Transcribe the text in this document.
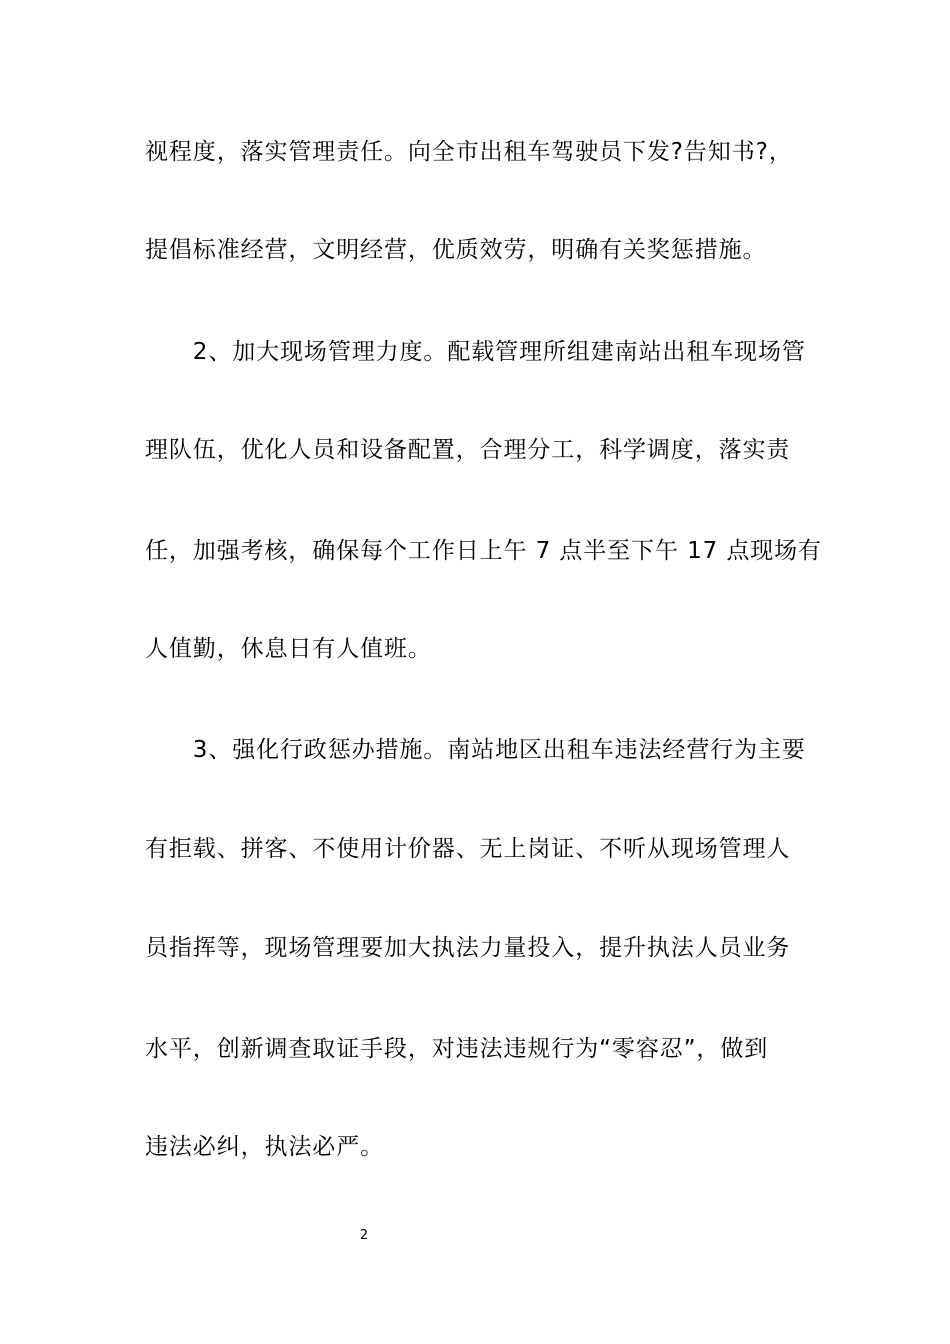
视程度，落实管理责任。向全市出租车驾驶员下发?告知书?，
提倡标准经营，文明经营，优质效劳，明确有关奖惩措施。
　　2、加大现场管理力度。配载管理所组建南站出租车现场管
理队伍，优化人员和设备配置，合理分工，科学调度，落实责
任，加强考核，确保每个工作日上午 7 点半至下午 17 点现场有
人值勤，休息日有人值班。
　　3、强化行政惩办措施。南站地区出租车违法经营行为主要
有拒载、拼客、不使用计价器、无上岗证、不听从现场管理人
员指挥等，现场管理要加大执法力量投入，提升执法人员业务
水平，创新调查取证手段，对违法违规行为“零容忍”，做到
违法必纠，执法必严。
2
